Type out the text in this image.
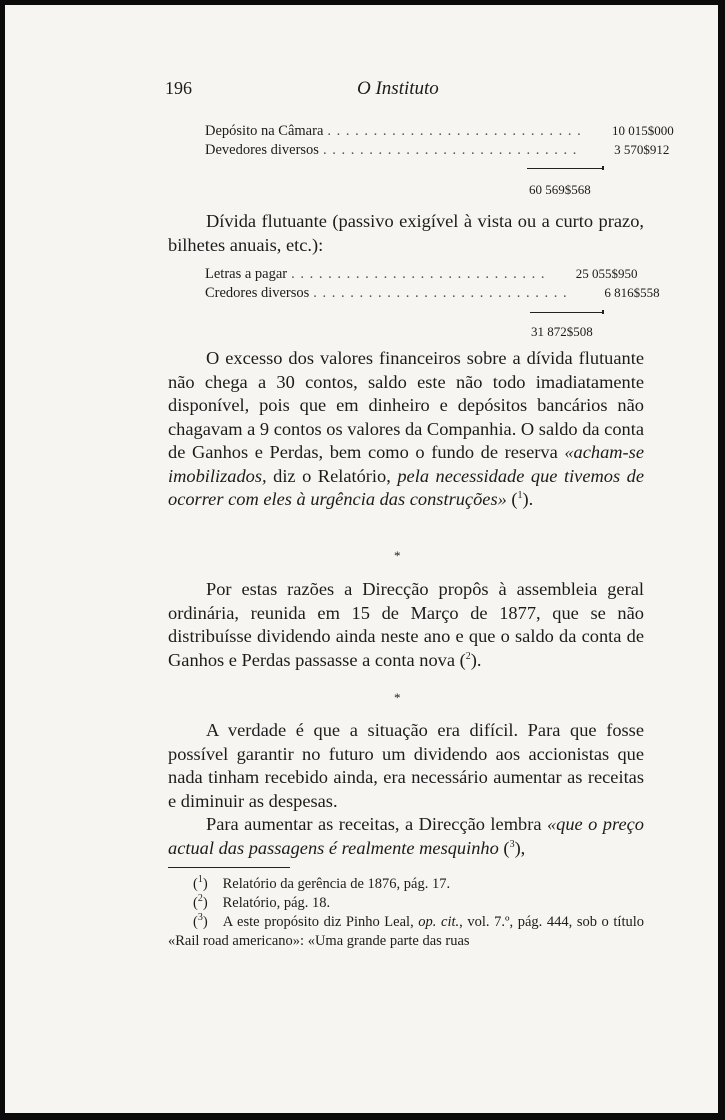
196	O Instituto
Depósito na Câmara . . . . . . . . . . . . . . . . . . . . . . . . . . . .	10 015$000
Devedores diversos . . . . . . . . . . . . . . . . . . . . . . . . . . . .	3 570$912
60 569$568

Dívida flutuante (passivo exigível à vista ou a curto prazo, bilhetes anuais, etc.):

Letras a pagar . . . . . . . . . . . . . . . . . . . . . . . . . . . .	25 055$950
Credores diversos . . . . . . . . . . . . . . . . . . . . . . . . . . . .	6 816$558
31 872$508

O excesso dos valores financeiros sobre a dívida flutuante não chega a 30 contos, saldo este não todo imadiatamente disponível, pois que em dinheiro e depósitos bancários não chagavam a 9 contos os valores da Companhia. O saldo da conta de Ganhos e Perdas, bem como o fundo de reserva «acham-se imobilizados, diz o Relatório, pela necessidade que tivemos de ocorrer com eles à urgência das construções» ($^1$).

*

Por estas razões a Direcção propôs à assembleia geral ordinária, reunida em 15 de Março de 1877, que se não distribuísse dividendo ainda neste ano e que o saldo da conta de Ganhos e Perdas passasse a conta nova ($^2$).

*

A verdade é que a situação era difícil. Para que fosse possível garantir no futuro um dividendo aos accionistas que nada tinham recebido ainda, era necessário aumentar as receitas e diminuir as despesas.

Para aumentar as receitas, a Direcção lembra «que o preço actual das passagens é realmente mesquinho ($^3$),

($^1$) Relatório da gerência de 1876, pág. 17.

($^2$) Relatório, pág. 18.

($^3$) A este propósito diz Pinho Leal, op. cit., vol. 7.º, pág. 444, sob o título «Rail road americano»: «Uma grande parte das ruas
